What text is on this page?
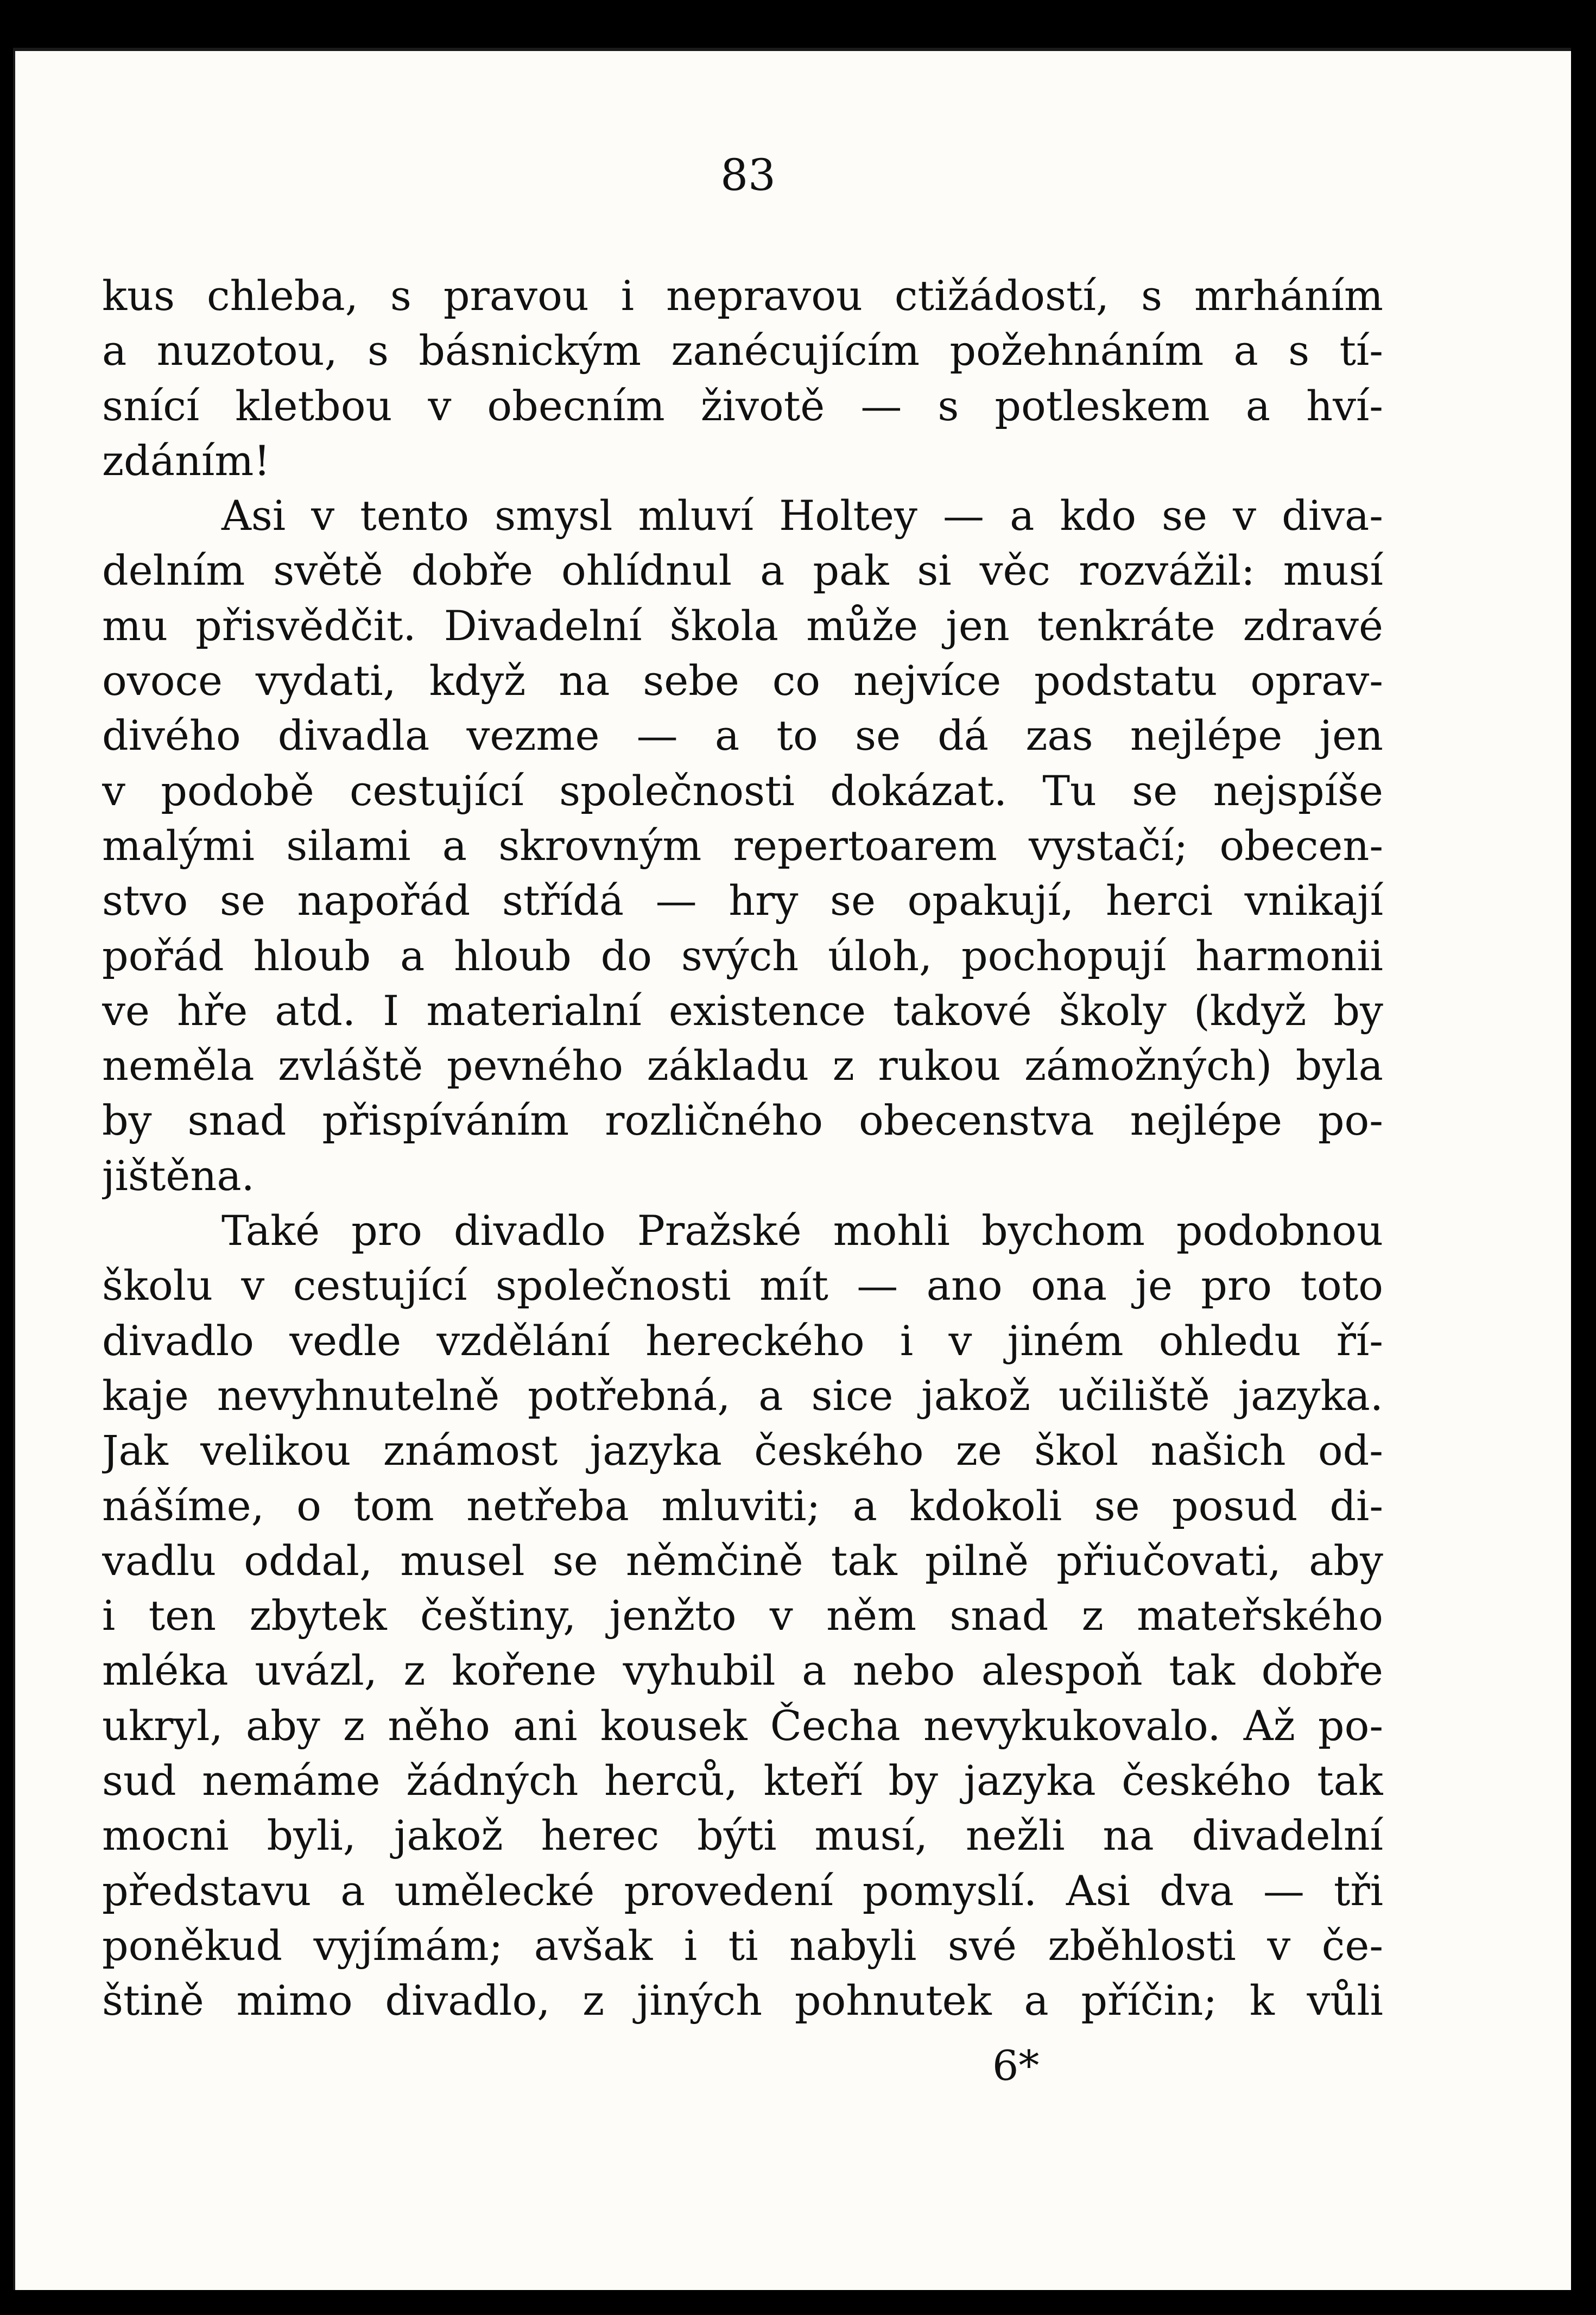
83
kus chleba, s pravou i nepravou ctižádostí, s mrháním
a nuzotou, s básnickým zanécujícím požehnáním a s tí-
snící kletbou v obecním životě — s potleskem a hví-
zdáním!
Asi v tento smysl mluví Holtey — a kdo se v diva-
delním světě dobře ohlídnul a pak si věc rozvážil: musí
mu přisvědčit. Divadelní škola může jen tenkráte zdravé
ovoce vydati, když na sebe co nejvíce podstatu oprav-
divého divadla vezme — a to se dá zas nejlépe jen
v podobě cestující společnosti dokázat. Tu se nejspíše
malými silami a skrovným repertoarem vystačí; obecen-
stvo se napořád střídá — hry se opakují, herci vnikají
pořád hloub a hloub do svých úloh, pochopují harmonii
ve hře atd. I materialní existence takové školy (když by
neměla zvláště pevného základu z rukou zámožných) byla
by snad přispíváním rozličného obecenstva nejlépe po-
jištěna.
Také pro divadlo Pražské mohli bychom podobnou
školu v cestující společnosti mít — ano ona je pro toto
divadlo vedle vzdělání hereckého i v jiném ohledu ří-
kaje nevyhnutelně potřebná, a sice jakož učiliště jazyka.
Jak velikou známost jazyka českého ze škol našich od-
nášíme, o tom netřeba mluviti; a kdokoli se posud di-
vadlu oddal, musel se němčině tak pilně přiučovati, aby
i ten zbytek češtiny, jenžto v něm snad z mateřského
mléka uvázl, z kořene vyhubil a nebo alespoň tak dobře
ukryl, aby z něho ani kousek Čecha nevykukovalo. Až po-
sud nemáme žádných herců, kteří by jazyka českého tak
mocni byli, jakož herec býti musí, nežli na divadelní
představu a umělecké provedení pomyslí. Asi dva — tři
poněkud vyjímám; avšak i ti nabyli své zběhlosti v če-
štině mimo divadlo, z jiných pohnutek a příčin; k vůli
6*
